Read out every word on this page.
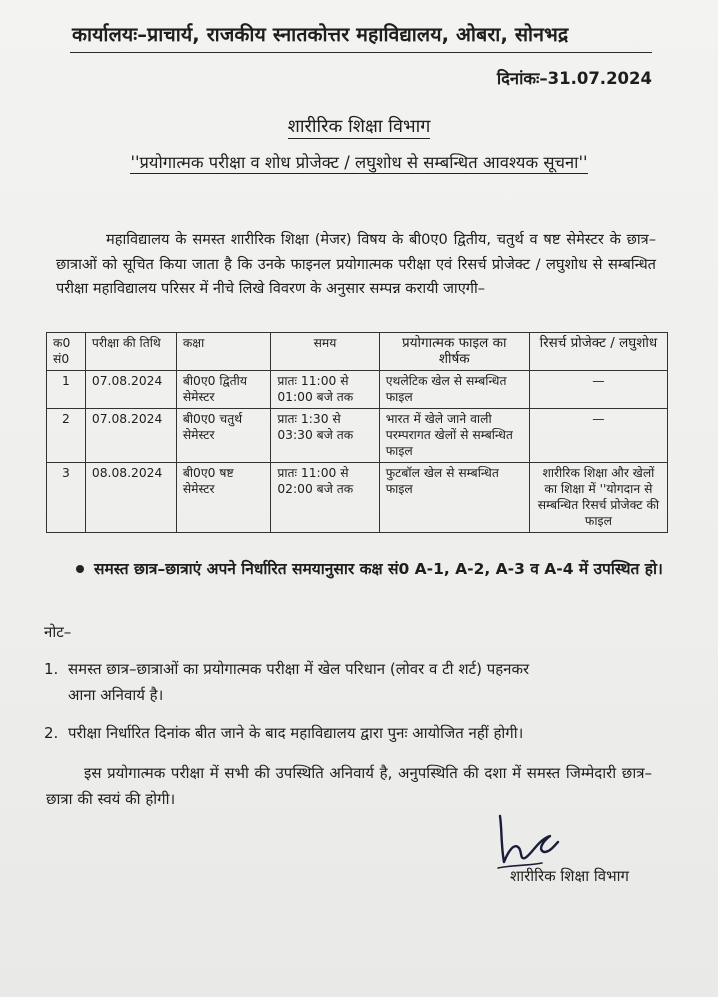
कार्यालयः–प्राचार्य, राजकीय स्नातकोत्तर महाविद्यालय, ओबरा, सोनभद्र
दिनांकः–31.07.2024
शारीरिक शिक्षा विभाग
''प्रयोगात्मक परीक्षा व शोध प्रोजेक्ट / लघुशोध से सम्बन्धित आवश्यक सूचना''
महाविद्यालय के समस्त शारीरिक शिक्षा (मेजर) विषय के बी0ए0 द्वितीय, चतुर्थ व षष्ट सेमेस्टर के छात्र–छात्राओं को सूचित किया जाता है कि उनके फाइनल प्रयोगात्मक परीक्षा एवं रिसर्च प्रोजेक्ट / लघुशोध से सम्बन्धित परीक्षा महाविद्यालय परिसर में नीचे लिखे विवरण के अनुसार सम्पन्न करायी जाएगी–
क0 सं0	परीक्षा की तिथि	कक्षा	समय	प्रयोगात्मक फाइल का शीर्षक	रिसर्च प्रोजेक्ट / लघुशोध
1	07.08.2024	बी0ए0 द्वितीय सेमेस्टर	प्रातः 11:00 से 01:00 बजे तक	एथलेटिक खेल से सम्बन्धित फाइल	—
2	07.08.2024	बी0ए0 चतुर्थ सेमेस्टर	प्रातः 1:30 से 03:30 बजे तक	भारत में खेले जाने वाली परम्परागत खेलों से सम्बन्धित फाइल	—
3	08.08.2024	बी0ए0 षष्ट सेमेस्टर	प्रातः 11:00 से 02:00 बजे तक	फुटबॉल खेल से सम्बन्धित फाइल	शारीरिक शिक्षा और खेलों का शिक्षा में ''योगदान से सम्बन्धित रिसर्च प्रोजेक्ट की फाइल
समस्त छात्र–छात्राएं अपने निर्धारित समयानुसार कक्ष सं0 A-1, A-2, A-3 व A-4 में उपस्थित हो।
नोट–
1. समस्त छात्र–छात्राओं का प्रयोगात्मक परीक्षा में खेल परिधान (लोवर व टी शर्ट) पहनकर
आना अनिवार्य है।
2. परीक्षा निर्धारित दिनांक बीत जाने के बाद महाविद्यालय द्वारा पुनः आयोजित नहीं होगी।
इस प्रयोगात्मक परीक्षा में सभी की उपस्थिति अनिवार्य है, अनुपस्थिति की दशा में समस्त जिम्मेदारी छात्र–छात्रा की स्वयं की होगी।
शारीरिक शिक्षा विभाग
